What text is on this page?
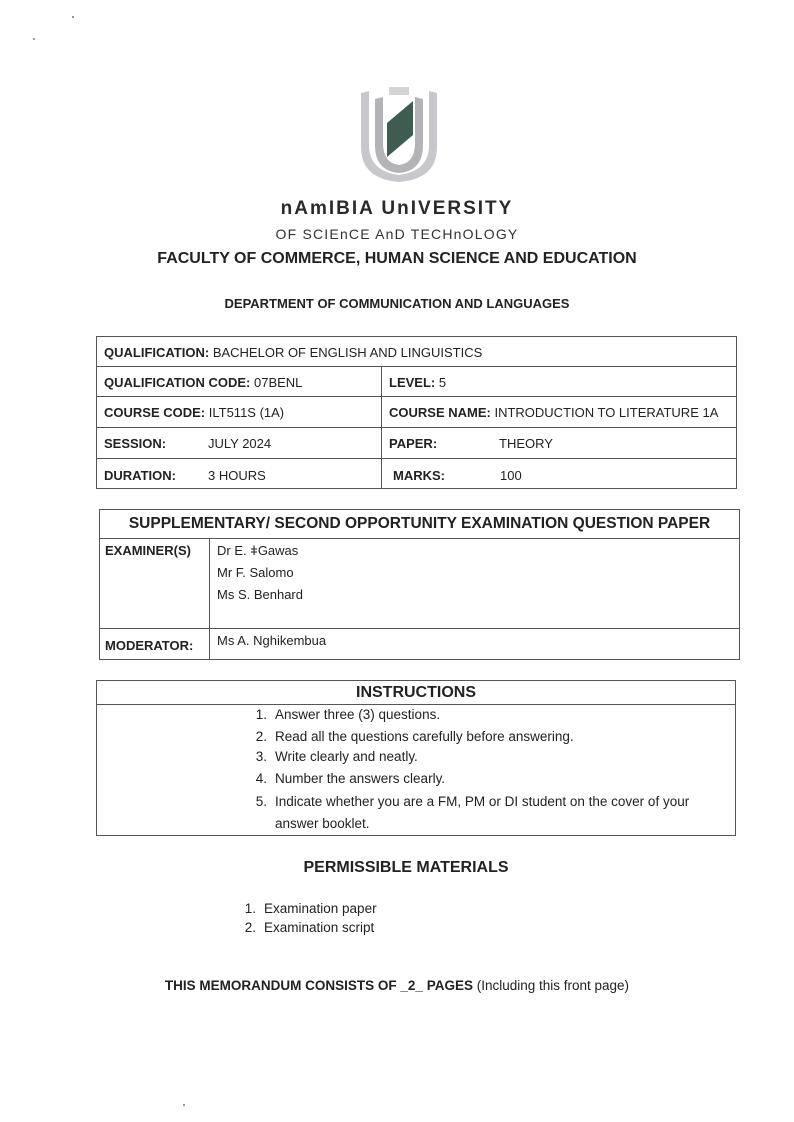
nAmIBIA UnIVERSITY
OF SCIEnCE AnD TECHnOLOGY
FACULTY OF COMMERCE, HUMAN SCIENCE AND EDUCATION
DEPARTMENT OF COMMUNICATION AND LANGUAGES
QUALIFICATION: BACHELOR OF ENGLISH AND LINGUISTICS
QUALIFICATION CODE: 07BENL	LEVEL: 5
COURSE CODE: ILT511S (1A)	COURSE NAME: INTRODUCTION TO LITERATURE 1A
SESSION:	JULY 2024	PAPER:	THEORY
DURATION: 3 HOURS	MARKS:	100
SUPPLEMENTARY/ SECOND OPPORTUNITY EXAMINATION QUESTION PAPER
EXAMINER(S) Dr E. ǂGawas
Mr F. Salomo
Ms S. Benhard
MODERATOR: Ms A. Nghikembua
INSTRUCTIONS
1. Answer three (3) questions.
2. Read all the questions carefully before answering.
3. Write clearly and neatly.
4. Number the answers clearly.
5. Indicate whether you are a FM, PM or DI student on the cover of your
answer booklet.
PERMISSIBLE MATERIALS
1. Examination paper
2. Examination script
THIS MEMORANDUM CONSISTS OF _2_ PAGES (Including this front page)
